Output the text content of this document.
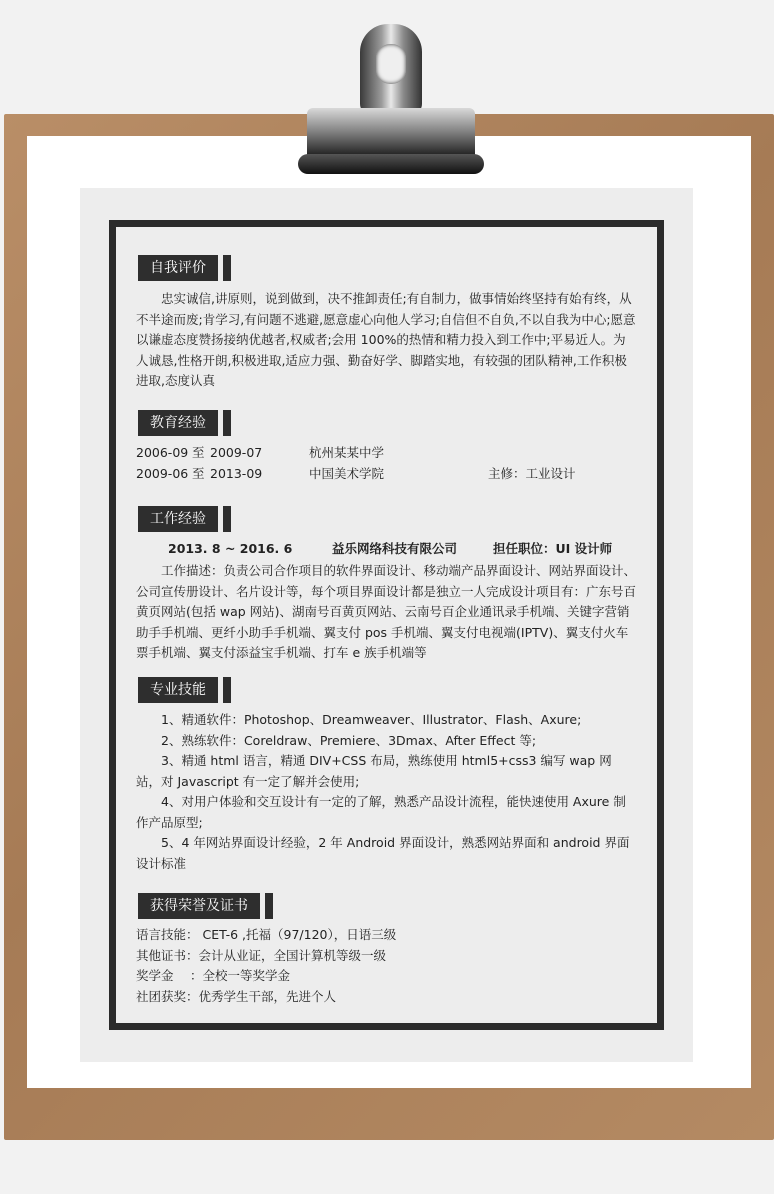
自我评价
忠实诚信,讲原则，说到做到，决不推卸责任;有自制力，做事情始终坚持有始有终，从不半途而废;肯学习,有问题不逃避,愿意虚心向他人学习;自信但不自负,不以自我为中心;愿意以谦虚态度赞扬接纳优越者,权威者;会用 100%的热情和精力投入到工作中;平易近人。为人诚恳,性格开朗,积极进取,适应力强、勤奋好学、脚踏实地，有较强的团队精神,工作积极进取,态度认真
教育经验
2006-09 至 2009-07	杭州某某中学
2009-06 至 2013-09	中国美术学院	主修：工业设计
工作经验
2013. 8 ~ 2016. 6	益乐网络科技有限公司	担任职位：UI 设计师
工作描述：负责公司合作项目的软件界面设计、移动端产品界面设计、网站界面设计、公司宣传册设计、名片设计等，每个项目界面设计都是独立一人完成设计项目有：广东号百黄页网站(包括 wap 网站)、湖南号百黄页网站、云南号百企业通讯录手机端、关键字营销助手手机端、更纤小助手手机端、翼支付 pos 手机端、翼支付电视端(IPTV)、翼支付火车票手机端、翼支付添益宝手机端、打车 e 族手机端等
专业技能
1、精通软件：Photoshop、Dreamweaver、Illustrator、Flash、Axure;
2、熟练软件：Coreldraw、Premiere、3Dmax、After Effect 等;
3、精通 html 语言，精通 DIV+CSS 布局，熟练使用 html5+css3 编写 wap 网站，对 Javascript 有一定了解并会使用;
4、对用户体验和交互设计有一定的了解，熟悉产品设计流程，能快速使用 Axure 制作产品原型;
5、4 年网站界面设计经验，2 年 Android 界面设计，熟悉网站界面和 android 界面设计标准
获得荣誉及证书
语言技能： CET-6 ,托福（97/120），日语三级
其他证书：会计从业证，全国计算机等级一级
奖学金 　：全校一等奖学金
社团获奖：优秀学生干部，先进个人
